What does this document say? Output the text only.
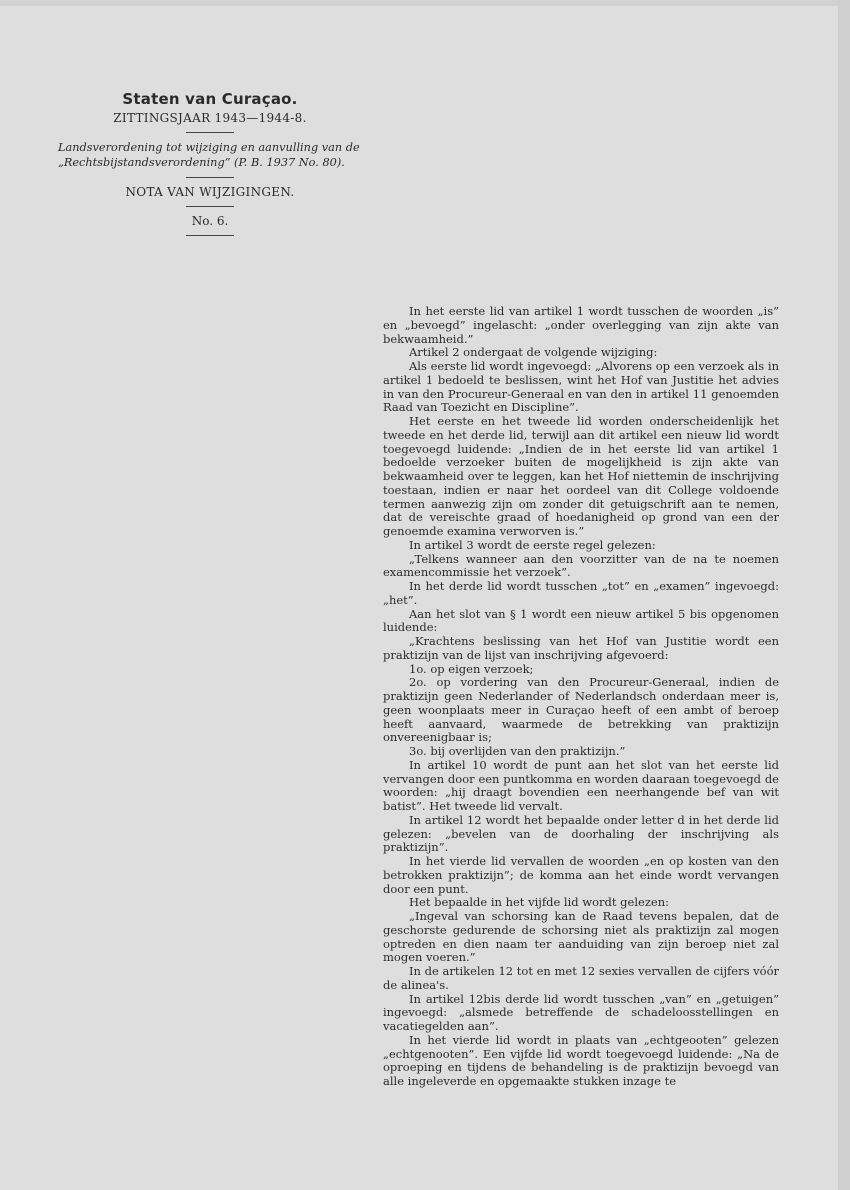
Staten van Curaçao.
ZITTINGSJAAR 1943—1944-8.
Landsverordening tot wijziging en aanvulling van de „Rechtsbijstandsverordening” (P. B. 1937 No. 80).
NOTA VAN WIJZIGINGEN.
No. 6.

In het eerste lid van artikel 1 wordt tusschen de woorden „is” en „bevoegd” ingelascht: „onder overlegging van zijn akte van bekwaamheid.”

Artikel 2 ondergaat de volgende wijziging:

Als eerste lid wordt ingevoegd: „Alvorens op een verzoek als in artikel 1 bedoeld te beslissen, wint het Hof van Justitie het advies in van den Procureur-Generaal en van den in artikel 11 genoemden Raad van Toezicht en Discipline”.

Het eerste en het tweede lid worden onderscheidenlijk het tweede en het derde lid, terwijl aan dit artikel een nieuw lid wordt toegevoegd luidende: „Indien de in het eerste lid van artikel 1 bedoelde verzoeker buiten de mogelijkheid is zijn akte van bekwaamheid over te leggen, kan het Hof niettemin de inschrijving toestaan, indien er naar het oordeel van dit College voldoende termen aanwezig zijn om zonder dit getuigschrift aan te nemen, dat de vereischte graad of hoedanigheid op grond van een der genoemde examina verworven is.”

In artikel 3 wordt de eerste regel gelezen:

„Telkens wanneer aan den voorzitter van de na te noemen examencommissie het verzoek”.

In het derde lid wordt tusschen „tot” en „examen” ingevoegd: „het”.

Aan het slot van § 1 wordt een nieuw artikel 5 bis opgenomen luidende:

„Krachtens beslissing van het Hof van Justitie wordt een praktizijn van de lijst van inschrijving afgevoerd:

1o. op eigen verzoek;

2o. op vordering van den Procureur-Generaal, indien de praktizijn geen Nederlander of Nederlandsch onderdaan meer is, geen woonplaats meer in Curaçao heeft of een ambt of beroep heeft aanvaard, waarmede de betrekking van praktizijn onvereenigbaar is;

3o. bij overlijden van den praktizijn.”

In artikel 10 wordt de punt aan het slot van het eerste lid vervangen door een puntkomma en worden daaraan toegevoegd de woorden: „hij draagt bovendien een neerhangende bef van wit batist”. Het tweede lid vervalt.

In artikel 12 wordt het bepaalde onder letter d in het derde lid gelezen: „bevelen van de doorhaling der inschrijving als praktizijn”.

In het vierde lid vervallen de woorden „en op kosten van den betrokken praktizijn”; de komma aan het einde wordt vervangen door een punt.

Het bepaalde in het vijfde lid wordt gelezen:

„Ingeval van schorsing kan de Raad tevens bepalen, dat de geschorste gedurende de schorsing niet als praktizijn zal mogen optreden en dien naam ter aanduiding van zijn beroep niet zal mogen voeren.”

In de artikelen 12 tot en met 12 sexies vervallen de cijfers vóór de alinea's.

In artikel 12bis derde lid wordt tusschen „van” en „getuigen” ingevoegd: „alsmede betreffende de schadeloosstellingen en vacatiegelden aan”.

In het vierde lid wordt in plaats van „echtgeooten” gelezen „echtgenooten”. Een vijfde lid wordt toegevoegd luidende: „Na de oproeping en tijdens de behandeling is de praktizijn bevoegd van alle ingeleverde en opgemaakte stukken inzage te
